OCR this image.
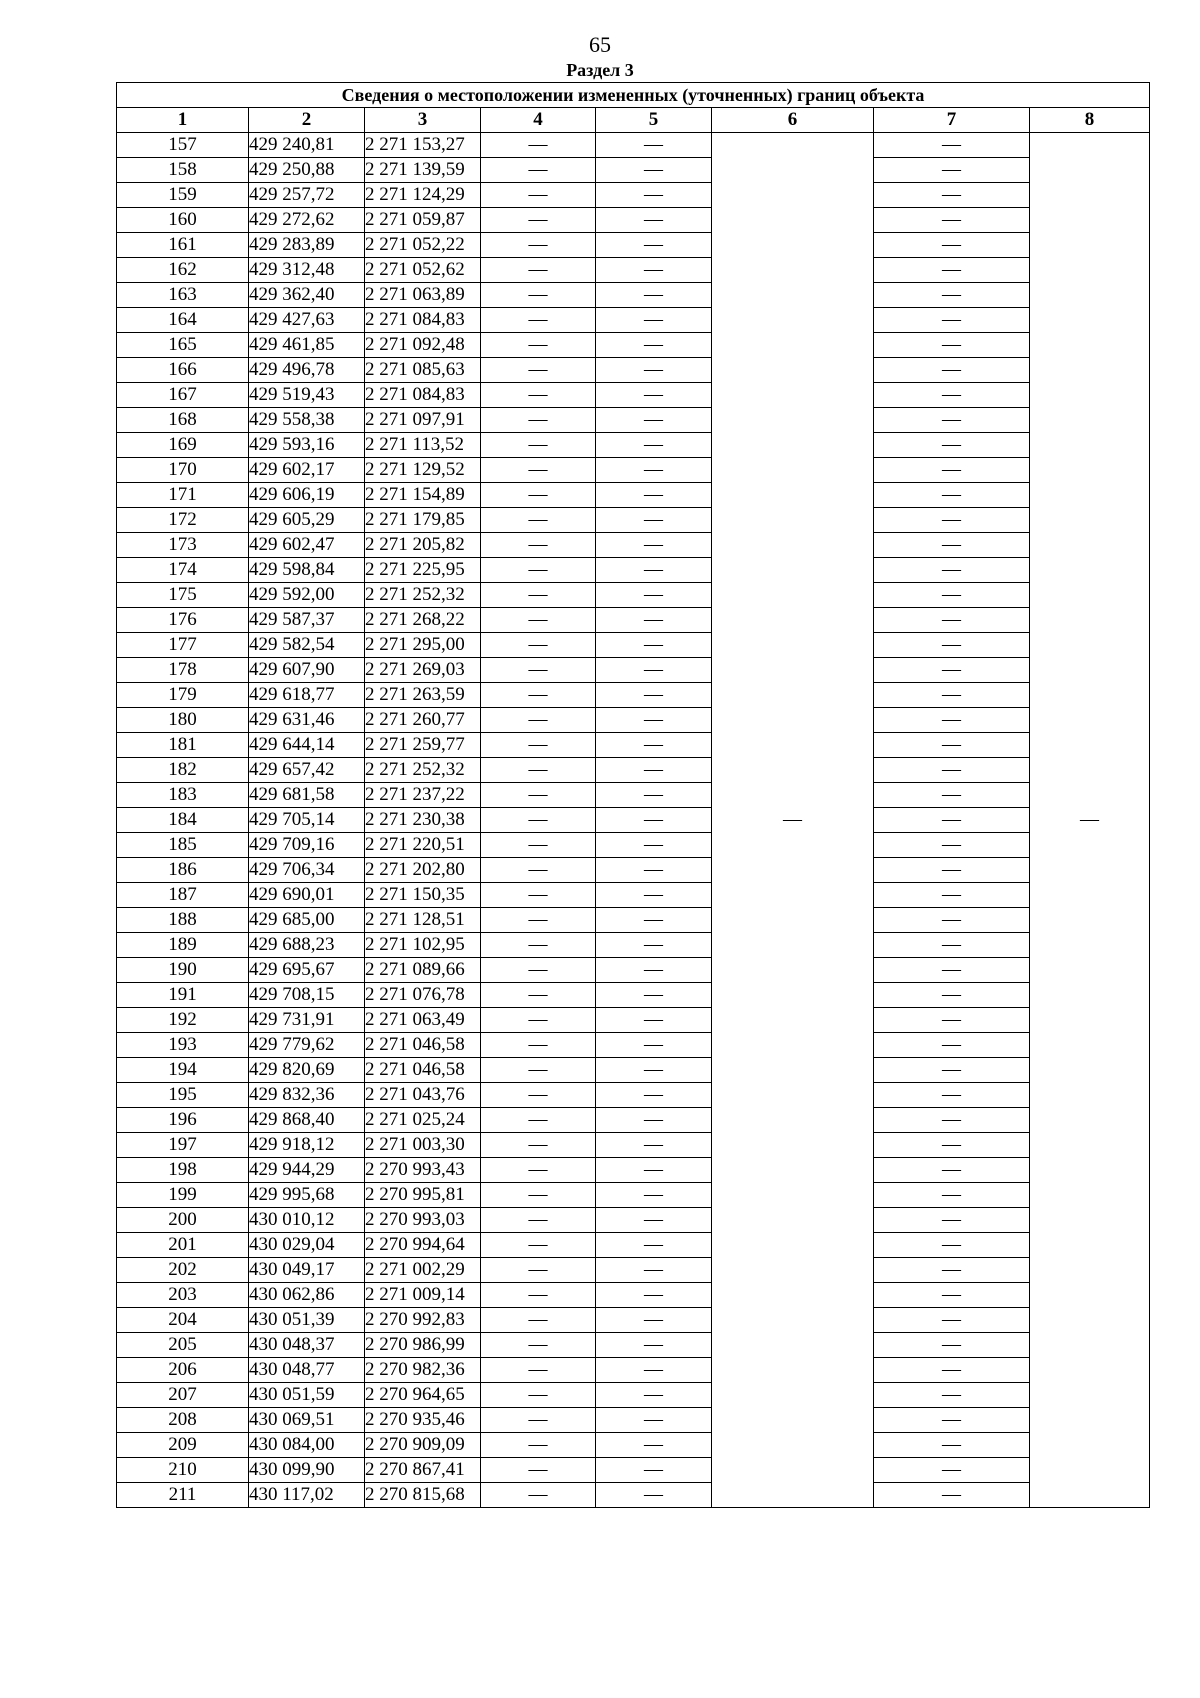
65
Раздел 3
Сведения о местоположении измененных (уточненных) границ объекта							
1	2	3	4	5	6	7	8
157	429 240,81	2 271 153,27	—	—	—	—	—
158	429 250,88	2 271 139,59	—	—		—	
159	429 257,72	2 271 124,29	—	—		—	
160	429 272,62	2 271 059,87	—	—		—	
161	429 283,89	2 271 052,22	—	—		—	
162	429 312,48	2 271 052,62	—	—		—	
163	429 362,40	2 271 063,89	—	—		—	
164	429 427,63	2 271 084,83	—	—		—	
165	429 461,85	2 271 092,48	—	—		—	
166	429 496,78	2 271 085,63	—	—		—	
167	429 519,43	2 271 084,83	—	—		—	
168	429 558,38	2 271 097,91	—	—		—	
169	429 593,16	2 271 113,52	—	—		—	
170	429 602,17	2 271 129,52	—	—		—	
171	429 606,19	2 271 154,89	—	—		—	
172	429 605,29	2 271 179,85	—	—		—	
173	429 602,47	2 271 205,82	—	—		—	
174	429 598,84	2 271 225,95	—	—		—	
175	429 592,00	2 271 252,32	—	—		—	
176	429 587,37	2 271 268,22	—	—		—	
177	429 582,54	2 271 295,00	—	—		—	
178	429 607,90	2 271 269,03	—	—		—	
179	429 618,77	2 271 263,59	—	—		—	
180	429 631,46	2 271 260,77	—	—		—	
181	429 644,14	2 271 259,77	—	—		—	
182	429 657,42	2 271 252,32	—	—		—	
183	429 681,58	2 271 237,22	—	—		—	
184	429 705,14	2 271 230,38	—	—		—	
185	429 709,16	2 271 220,51	—	—		—	
186	429 706,34	2 271 202,80	—	—		—	
187	429 690,01	2 271 150,35	—	—		—	
188	429 685,00	2 271 128,51	—	—		—	
189	429 688,23	2 271 102,95	—	—		—	
190	429 695,67	2 271 089,66	—	—		—	
191	429 708,15	2 271 076,78	—	—		—	
192	429 731,91	2 271 063,49	—	—		—	
193	429 779,62	2 271 046,58	—	—		—	
194	429 820,69	2 271 046,58	—	—		—	
195	429 832,36	2 271 043,76	—	—		—	
196	429 868,40	2 271 025,24	—	—		—	
197	429 918,12	2 271 003,30	—	—		—	
198	429 944,29	2 270 993,43	—	—		—	
199	429 995,68	2 270 995,81	—	—		—	
200	430 010,12	2 270 993,03	—	—		—	
201	430 029,04	2 270 994,64	—	—		—	
202	430 049,17	2 271 002,29	—	—		—	
203	430 062,86	2 271 009,14	—	—		—	
204	430 051,39	2 270 992,83	—	—		—	
205	430 048,37	2 270 986,99	—	—		—	
206	430 048,77	2 270 982,36	—	—		—	
207	430 051,59	2 270 964,65	—	—		—	
208	430 069,51	2 270 935,46	—	—		—	
209	430 084,00	2 270 909,09	—	—		—	
210	430 099,90	2 270 867,41	—	—		—	
211	430 117,02	2 270 815,68	—	—		—	
